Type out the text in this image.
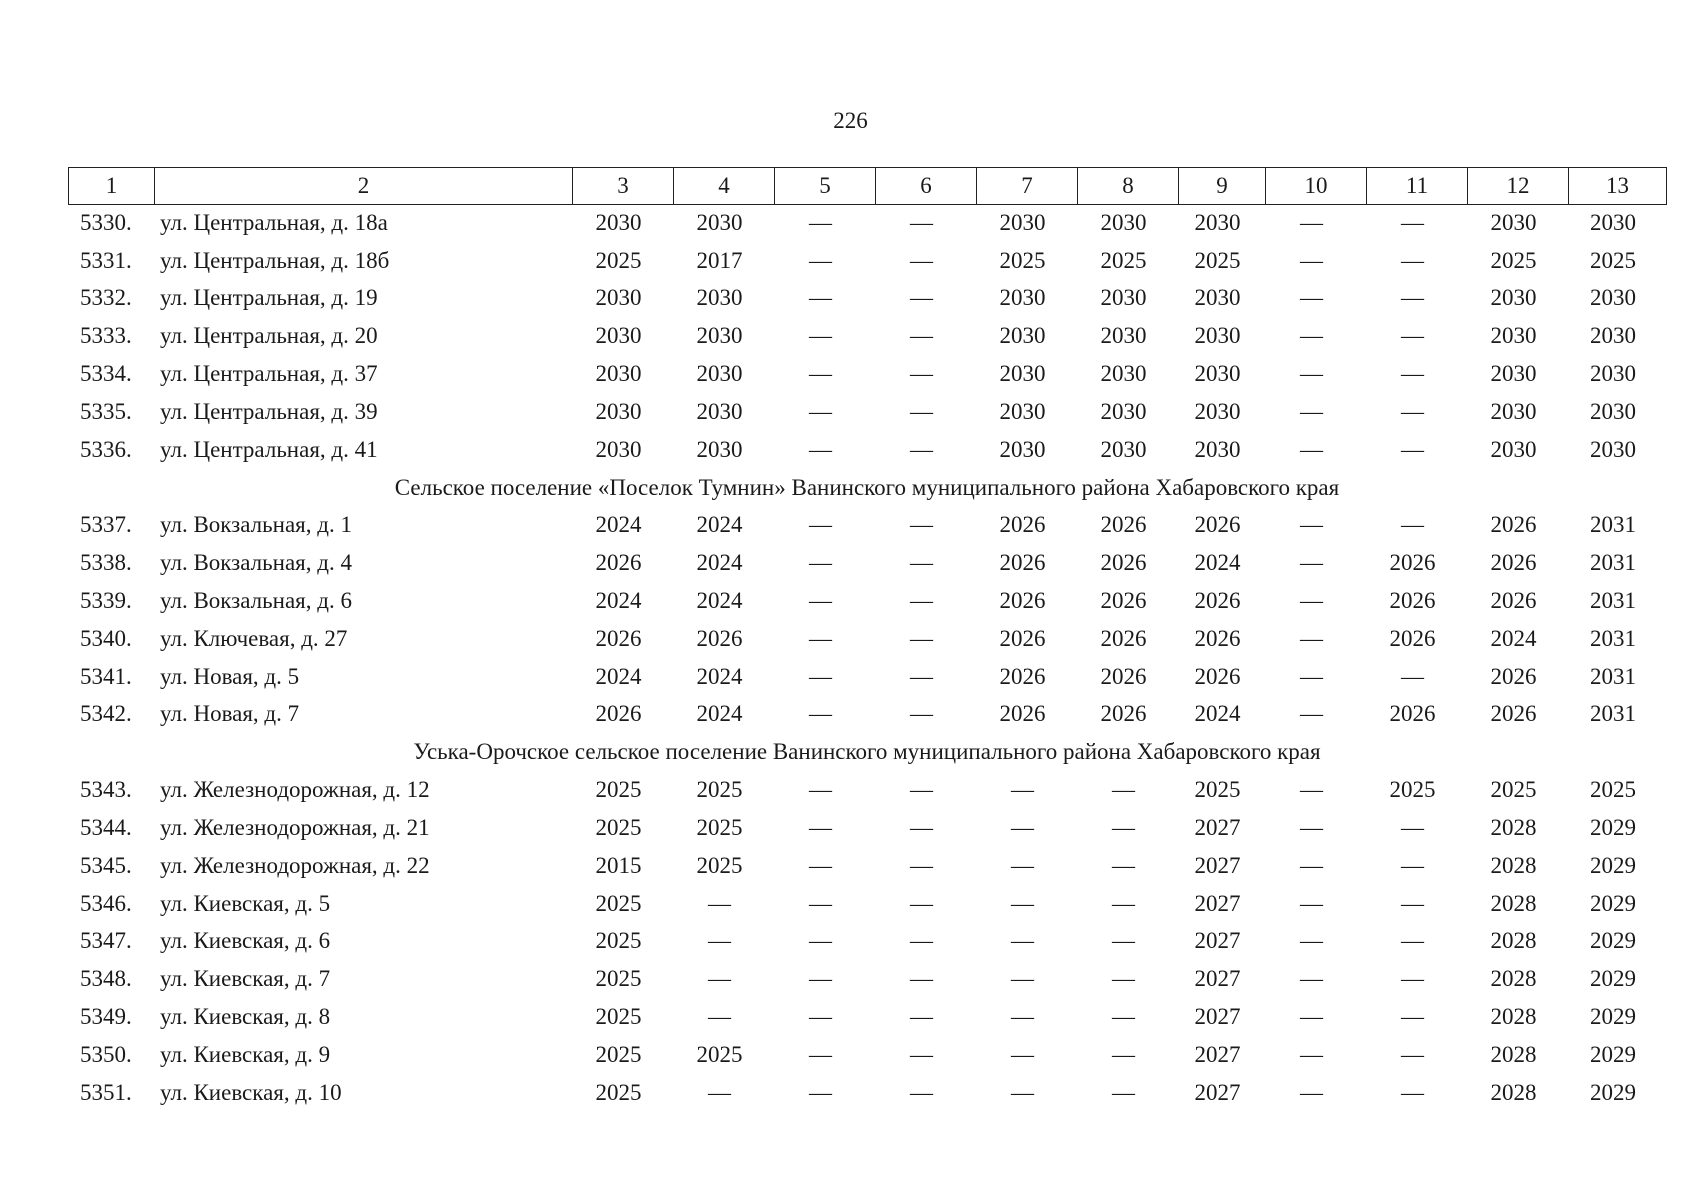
226
1	2	3	4	5	6	7	8	9	10	11	12	13
5330.	ул. Центральная, д. 18а	2030	2030	—	—	2030	2030	2030	—	—	2030	2030
5331.	ул. Центральная, д. 18б	2025	2017	—	—	2025	2025	2025	—	—	2025	2025
5332.	ул. Центральная, д. 19	2030	2030	—	—	2030	2030	2030	—	—	2030	2030
5333.	ул. Центральная, д. 20	2030	2030	—	—	2030	2030	2030	—	—	2030	2030
5334.	ул. Центральная, д. 37	2030	2030	—	—	2030	2030	2030	—	—	2030	2030
5335.	ул. Центральная, д. 39	2030	2030	—	—	2030	2030	2030	—	—	2030	2030
5336.	ул. Центральная, д. 41	2030	2030	—	—	2030	2030	2030	—	—	2030	2030
Сельское поселение «Поселок Тумнин» Ванинского муниципального района Хабаровского края
5337.	ул. Вокзальная, д. 1	2024	2024	—	—	2026	2026	2026	—	—	2026	2031
5338.	ул. Вокзальная, д. 4	2026	2024	—	—	2026	2026	2024	—	2026	2026	2031
5339.	ул. Вокзальная, д. 6	2024	2024	—	—	2026	2026	2026	—	2026	2026	2031
5340.	ул. Ключевая, д. 27	2026	2026	—	—	2026	2026	2026	—	2026	2024	2031
5341.	ул. Новая, д. 5	2024	2024	—	—	2026	2026	2026	—	—	2026	2031
5342.	ул. Новая, д. 7	2026	2024	—	—	2026	2026	2024	—	2026	2026	2031
Уська-Орочское сельское поселение Ванинского муниципального района Хабаровского края
5343.	ул. Железнодорожная, д. 12	2025	2025	—	—	—	—	2025	—	2025	2025	2025
5344.	ул. Железнодорожная, д. 21	2025	2025	—	—	—	—	2027	—	—	2028	2029
5345.	ул. Железнодорожная, д. 22	2015	2025	—	—	—	—	2027	—	—	2028	2029
5346.	ул. Киевская, д. 5	2025	—	—	—	—	—	2027	—	—	2028	2029
5347.	ул. Киевская, д. 6	2025	—	—	—	—	—	2027	—	—	2028	2029
5348.	ул. Киевская, д. 7	2025	—	—	—	—	—	2027	—	—	2028	2029
5349.	ул. Киевская, д. 8	2025	—	—	—	—	—	2027	—	—	2028	2029
5350.	ул. Киевская, д. 9	2025	2025	—	—	—	—	2027	—	—	2028	2029
5351.	ул. Киевская, д. 10	2025	—	—	—	—	—	2027	—	—	2028	2029
